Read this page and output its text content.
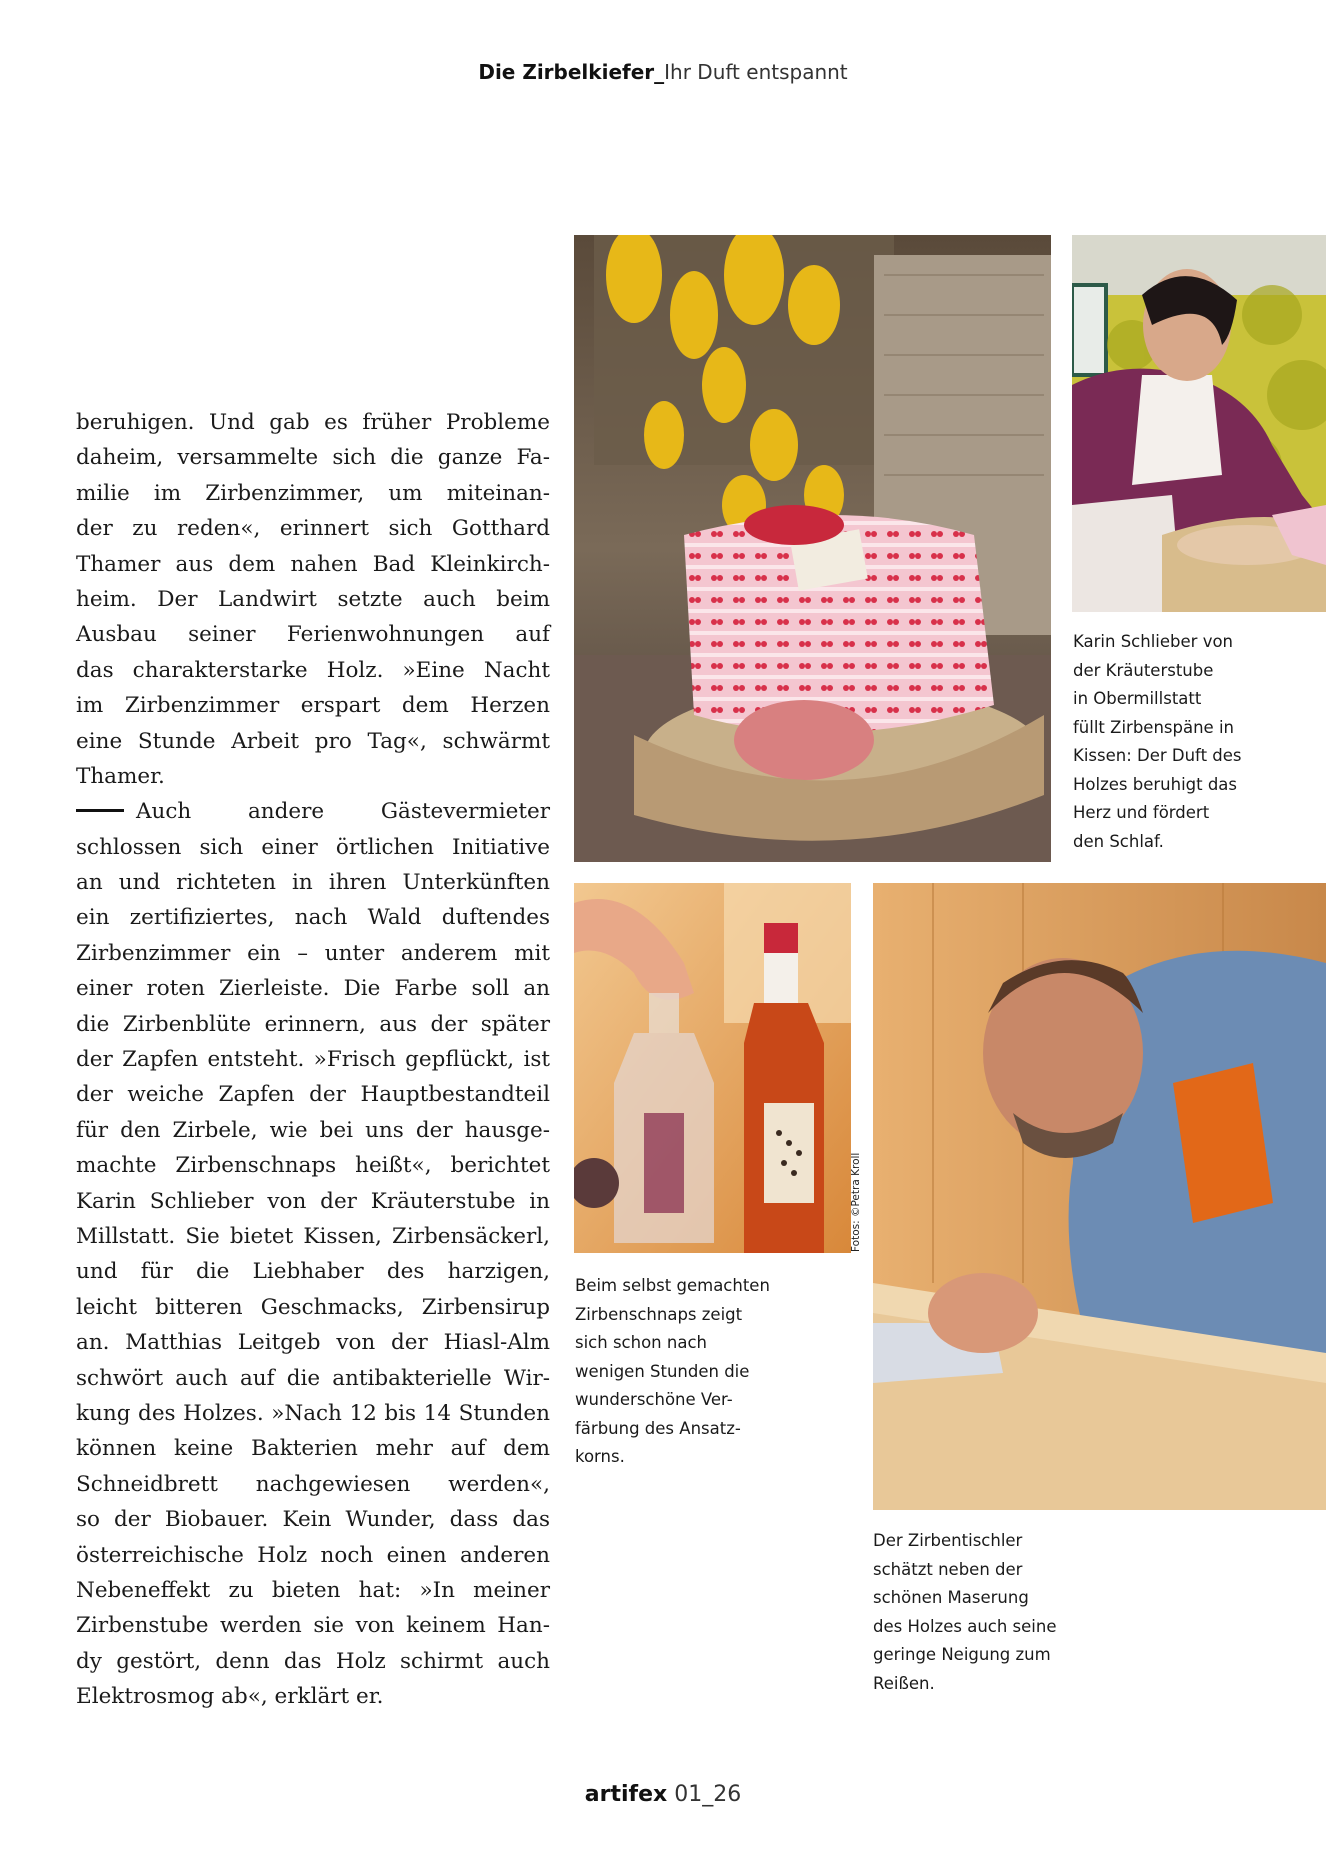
Die Zirbelkiefer_Ihr Duft entspannt
beruhigen. Und gab es früher Probleme
daheim, versammelte sich die ganze Fa-
milie im Zirbenzimmer, um miteinan-
der zu reden«, erinnert sich Gotthard
Thamer aus dem nahen Bad Kleinkirch-
heim. Der Landwirt setzte auch beim
Ausbau seiner Ferienwohnungen auf
das charakterstarke Holz. »Eine Nacht
im Zirbenzimmer erspart dem Herzen
eine Stunde Arbeit pro Tag«, schwärmt
Thamer.
Auch andere Gästevermieter
schlossen sich einer örtlichen Initiative
an und richteten in ihren Unterkünften
ein zertifiziertes, nach Wald duftendes
Zirbenzimmer ein – unter anderem mit
einer roten Zierleiste. Die Farbe soll an
die Zirbenblüte erinnern, aus der später
der Zapfen entsteht. »Frisch gepflückt, ist
der weiche Zapfen der Hauptbestandteil
für den Zirbele, wie bei uns der hausge-
machte Zirbenschnaps heißt«, berichtet
Karin Schlieber von der Kräuterstube in
Millstatt. Sie bietet Kissen, Zirbensäckerl,
und für die Liebhaber des harzigen,
leicht bitteren Geschmacks, Zirbensirup
an. Matthias Leitgeb von der Hiasl-Alm
schwört auch auf die antibakterielle Wir-
kung des Holzes. »Nach 12 bis 14 Stunden
können keine Bakterien mehr auf dem
Schneidbrett nachgewiesen werden«,
so der Biobauer. Kein Wunder, dass das
österreichische Holz noch einen anderen
Nebeneffekt zu bieten hat: »In meiner
Zirbenstube werden sie von keinem Han-
dy gestört, denn das Holz schirmt auch
Elektrosmog ab«, erklärt er.
Karin Schlieber von
der Kräuterstube
in Obermillstatt
füllt Zirbenspäne in
Kissen: Der Duft des
Holzes beruhigt das
Herz und fördert
den Schlaf.
Fotos: ©Petra Kroll
Beim selbst gemachten
Zirbenschnaps zeigt
sich schon nach
wenigen Stunden die
wunderschöne Ver-
färbung des Ansatz-
korns.
Der Zirbentischler
schätzt neben der
schönen Maserung
des Holzes auch seine
geringe Neigung zum
Reißen.
artifex 01_26
